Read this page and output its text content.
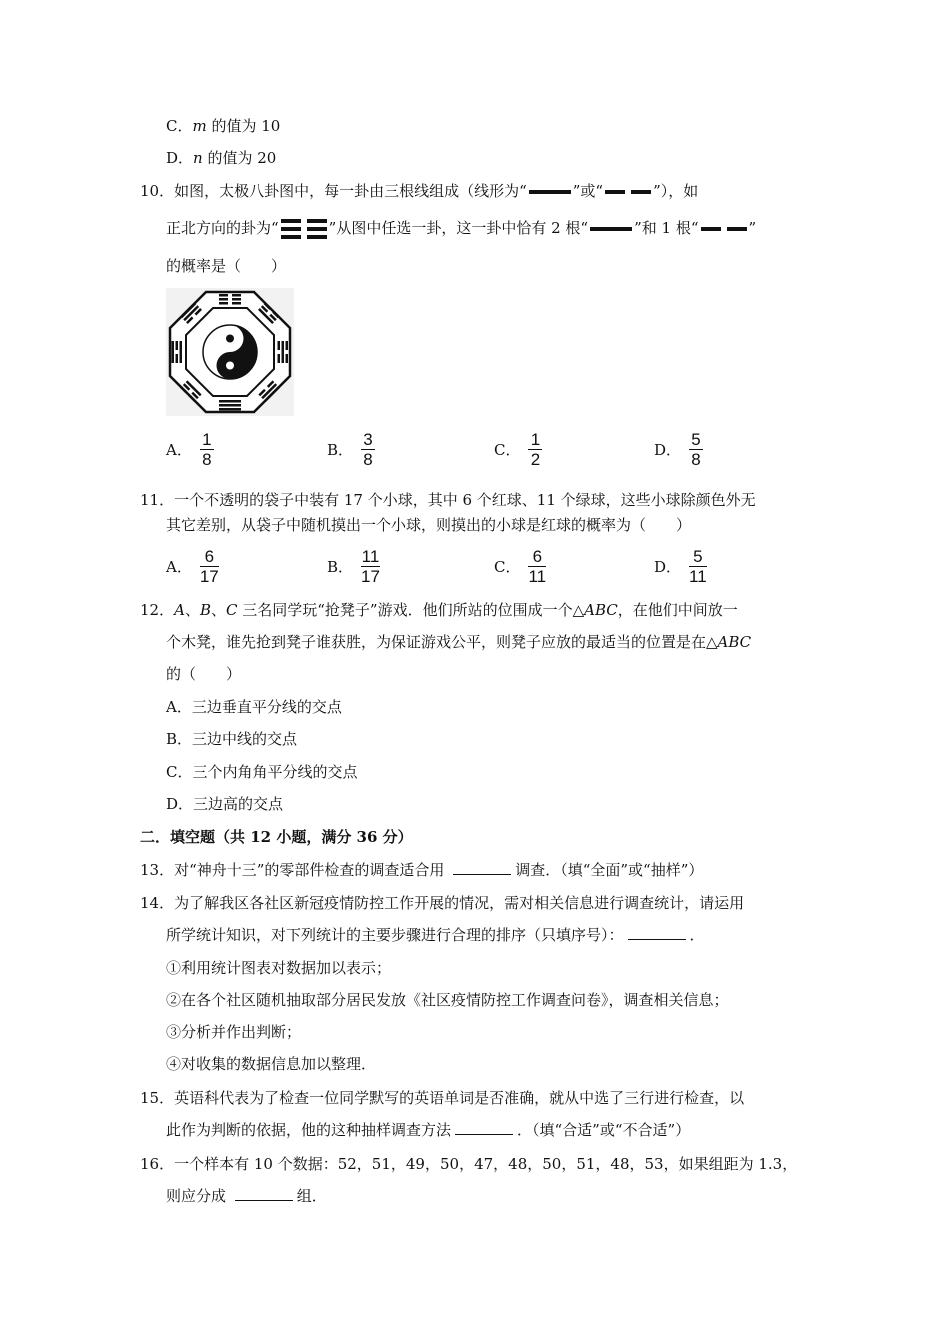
C．m 的值为 10
D．n 的值为 20
10．如图，太极八卦图中，每一卦由三根线组成（线形为“	”或“	”），如
正北方向的卦为“	”从图中任选一卦，这一卦中恰有 2 根“	”和 1 根“	”
的概率是（　　）
A． $\frac{1}{8}$	B． $\frac{3}{8}$	C． $\frac{1}{2}$	D． $\frac{5}{8}$
11．一个不透明的袋子中装有 17 个小球，其中 6 个红球、11 个绿球，这些小球除颜色外无
其它差别，从袋子中随机摸出一个小球，则摸出的小球是红球的概率为（　　）
A． $\frac{6}{17}$	B． $\frac{11}{17}$	C． $\frac{6}{11}$	D． $\frac{5}{11}$
12．A、B、C 三名同学玩“抢凳子”游戏．他们所站的位围成一个△ABC，在他们中间放一
个木凳，谁先抢到凳子谁获胜，为保证游戏公平，则凳子应放的最适当的位置是在△ABC
的（　　）
A．三边垂直平分线的交点
B．三边中线的交点
C．三个内角角平分线的交点
D．三边高的交点
二．填空题（共 12 小题，满分 36 分）
13．对“神舟十三”的零部件检查的调查适合用	调查．（填“全面”或“抽样”）
14．为了解我区各社区新冠疫情防控工作开展的情况，需对相关信息进行调查统计，请运用
所学统计知识，对下列统计的主要步骤进行合理的排序（只填序号）：	．
①利用统计图表对数据加以表示；
②在各个社区随机抽取部分居民发放《社区疫情防控工作调查问卷》，调查相关信息；
③分析并作出判断；
④对收集的数据信息加以整理．
15．英语科代表为了检查一位同学默写的英语单词是否准确，就从中选了三行进行检查，以
此作为判断的依据，他的这种抽样调查方法	．（填“合适”或“不合适”）
16．一个样本有 10 个数据：52，51，49，50，47，48，50，51，48，53，如果组距为 1.3，
则应分成	组．
